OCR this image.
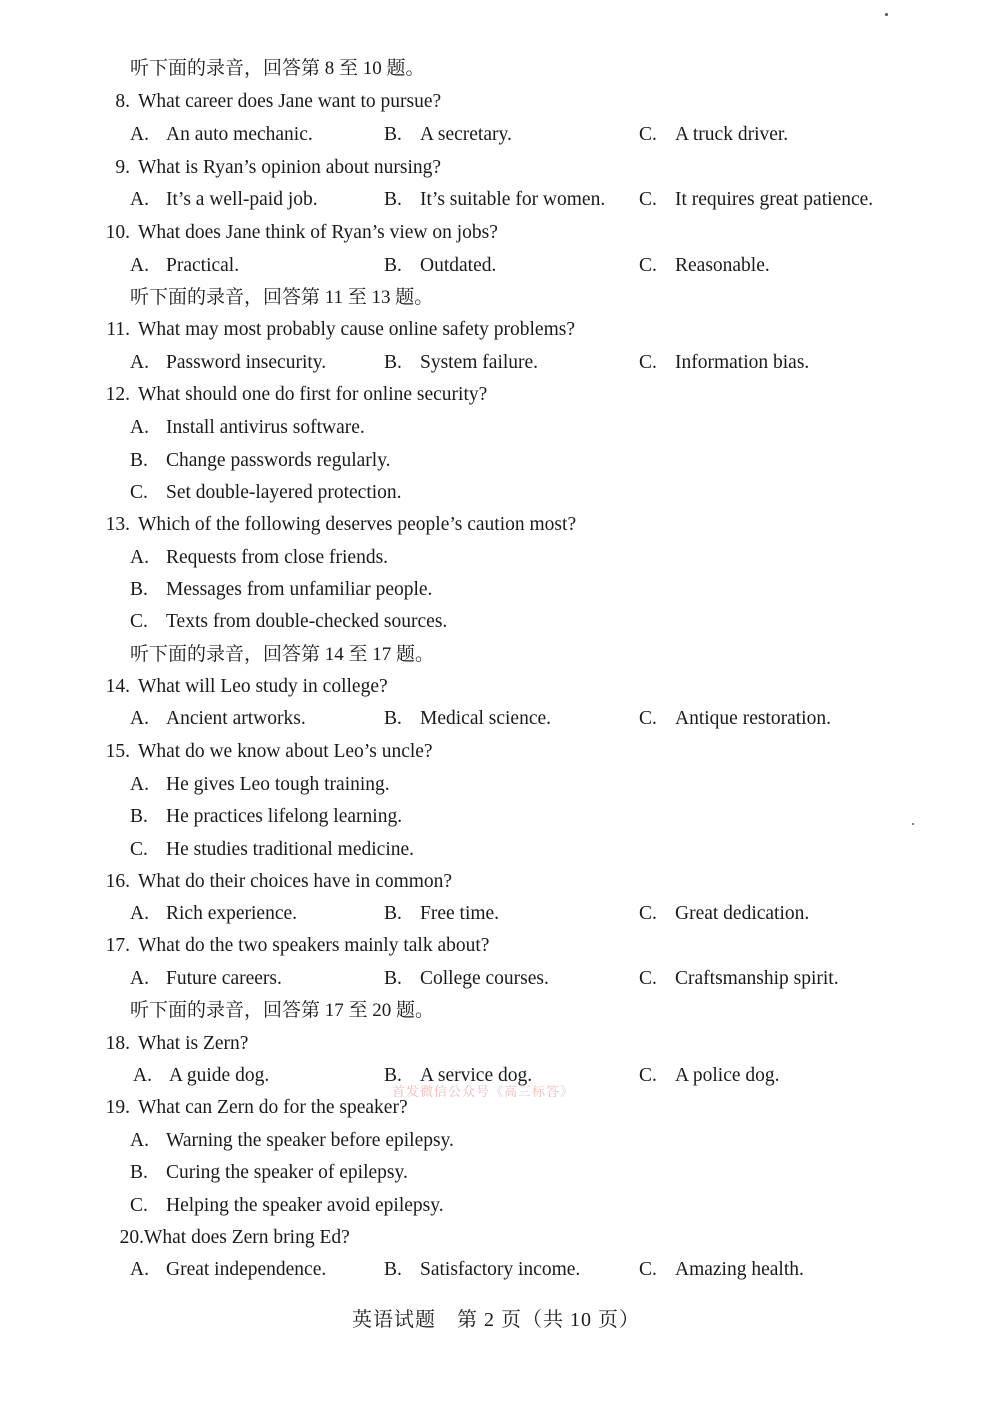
听下面的录音，回答第 8 至 10 题。
8. What career does Jane want to pursue?
A. An auto mechanic.	B. A secretary.	C. A truck driver.
9. What is Ryan’s opinion about nursing?
A. It’s a well-paid job.	B. It’s suitable for women. C. It requires great patience.
10. What does Jane think of Ryan’s view on jobs?
A. Practical.	B. Outdated.	C. Reasonable.
听下面的录音，回答第 11 至 13 题。
11. What may most probably cause online safety problems?
A. Password insecurity.	B. System failure.	C. Information bias.
12. What should one do first for online security?
A. Install antivirus software.
B. Change passwords regularly.
C. Set double-layered protection.
13. Which of the following deserves people’s caution most?
A. Requests from close friends.
B. Messages from unfamiliar people.
C. Texts from double-checked sources.
听下面的录音，回答第 14 至 17 题。
14. What will Leo study in college?
A. Ancient artworks.	B. Medical science.	C. Antique restoration.
15. What do we know about Leo’s uncle?
A. He gives Leo tough training.
B. He practices lifelong learning.
C. He studies traditional medicine.
16. What do their choices have in common?
A. Rich experience.	B. Free time.	C. Great dedication.
17. What do the two speakers mainly talk about?
A. Future careers.	B. College courses.	C. Craftsmanship spirit.
听下面的录音，回答第 17 至 20 题。
18. What is Zern?
A. A guide dog.	B. A service dog.	C. A police dog.
首发微信公众号《高三标答》
19. What can Zern do for the speaker?
A. Warning the speaker before epilepsy.
B. Curing the speaker of epilepsy.
C. Helping the speaker avoid epilepsy.
20.What does Zern bring Ed?
A. Great independence.	B. Satisfactory income.	C. Amazing health.
英语试题　第 2 页（共 10 页）
